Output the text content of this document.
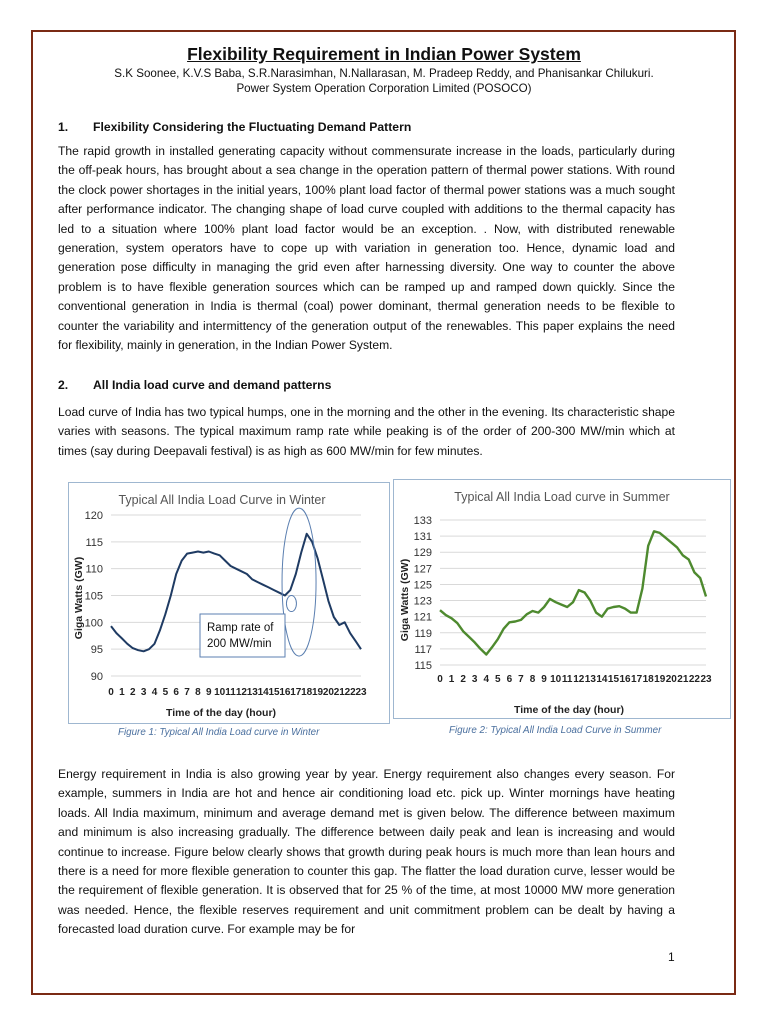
Flexibility Requirement in Indian Power System
S.K Soonee, K.V.S Baba, S.R.Narasimhan, N.Nallarasan, M. Pradeep Reddy, and Phanisankar Chilukuri.
Power System Operation Corporation Limited (POSOCO)
1. Flexibility Considering the Fluctuating Demand Pattern
The rapid growth in installed generating capacity without commensurate increase in the loads, particularly during the off-peak hours, has brought about a sea change in the operation pattern of thermal power stations. With round the clock power shortages in the initial years, 100% plant load factor of thermal power stations was a much sought after performance indicator. The changing shape of load curve coupled with additions to the thermal capacity has led to a situation where 100% plant load factor would be an exception. . Now, with distributed renewable generation, system operators have to cope up with variation in generation too. Hence, dynamic load and generation pose difficulty in managing the grid even after harnessing diversity. One way to counter the above problem is to have flexible generation sources which can be ramped up and ramped down quickly. Since the conventional generation in India is thermal (coal) power dominant, thermal generation needs to be flexible to counter the variability and intermittency of the generation output of the renewables. This paper explains the need for flexibility, mainly in generation, in the Indian Power System.
2. All India load curve and demand patterns
Load curve of India has two typical humps, one in the morning and the other in the evening. Its characteristic shape varies with seasons. The typical maximum ramp rate while peaking is of the order of 200-300 MW/min which at times (say during Deepavali festival) is as high as 600 MW/min for few minutes.
90
95
100
105
110
115
120
0 1 2 3 4 5 6 7 8 9 10 11 12 13 14 15 16 17 18 19 20 21 22 23
Typical All India Load Curve in Winter
Time of the day (hour)
Giga Watts (GW)	Ramp rate of
200 MW/min
Figure 1: Typical All India Load curve in Winter
115
117
119
121
123
125
127
129
131
133
0 1 2 3 4 5 6 7 8 9 10 11 12 13 14 15 16 17 18 19 20 21 22 23
Typical All India Load curve in Summer
Time of the day (hour)
Giga Watts (GW)
Figure 2: Typical All India Load Curve in Summer
Energy requirement in India is also growing year by year. Energy requirement also changes every season. For example, summers in India are hot and hence air conditioning load etc. pick up. Winter mornings have heating loads. All India maximum, minimum and average demand met is given below. The difference between maximum and minimum is also increasing gradually. The difference between daily peak and lean is increasing and would continue to increase. Figure below clearly shows that growth during peak hours is much more than lean hours and there is a need for more flexible generation to counter this gap. The flatter the load duration curve, lesser would be the requirement of flexible generation. It is observed that for 25 % of the time, at most 10000 MW more generation was needed. Hence, the flexible reserves requirement and unit commitment problem can be dealt by having a forecasted load duration curve. For example may be for
1
